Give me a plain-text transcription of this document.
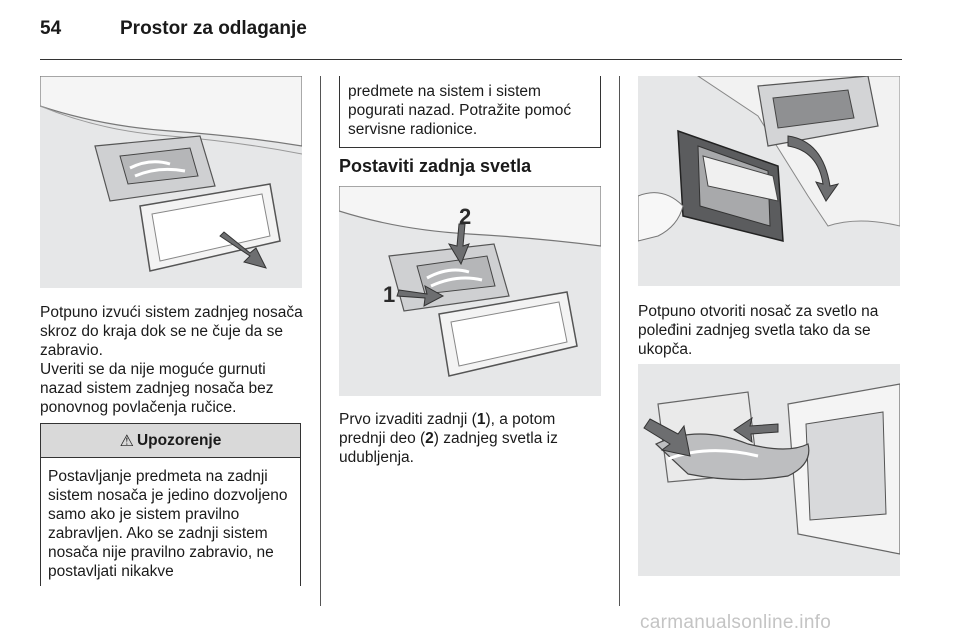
54	Prostor za odlaganje

Potpuno izvući sistem zadnjeg nosača skroz do kraja dok se ne čuje da se zabravio.

Uveriti se da nije moguće gurnuti nazad sistem zadnjeg nosača bez ponovnog povlačenja ručice.

⚠ Upozorenje
Postavljanje predmeta na zadnji sistem nosača je jedino dozvoljeno samo ako je sistem pravilno zabravljen. Ako se zadnji sistem nosača nije pravilno zabravio, ne postavljati nikakve
predmete na sistem i sistem pogurati nazad. Potražite pomoć servisne radionice.
Postaviti zadnja svetla
2
1

Prvo izvaditi zadnji (1), a potom prednji deo (2) zadnjeg svetla iz udubljenja.

Potpuno otvoriti nosač za svetlo na poleđini zadnjeg svetla tako da se ukopča.

carmanualsonline.info
